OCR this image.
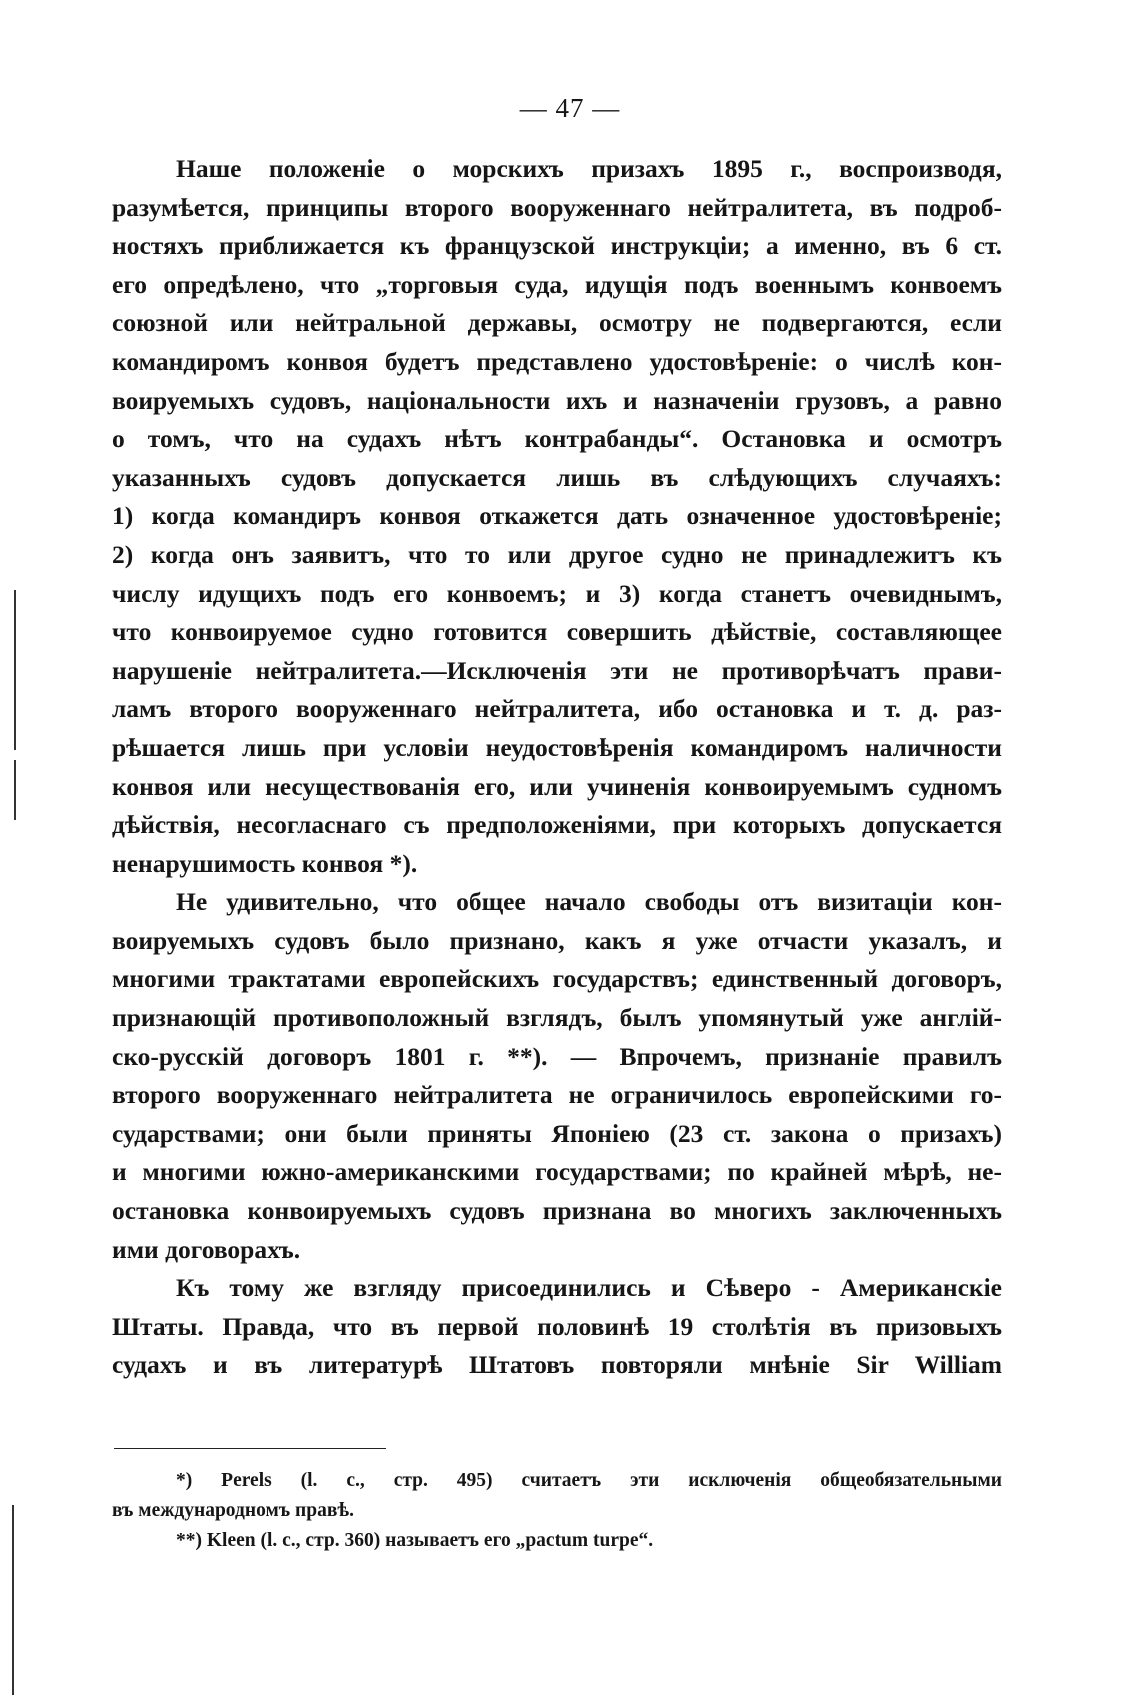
— 47 —
Наше положеніе о морскихъ призахъ 1895 г., воспроизводя,
разумѣется, принципы второго вооруженнаго нейтралитета, въ подроб-
ностяхъ приближается къ французской инструкціи; а именно, въ 6 ст.
его опредѣлено, что „торговыя суда, идущія подъ военнымъ конвоемъ
союзной или нейтральной державы, осмотру не подвергаются, если
командиромъ конвоя будетъ представлено удостовѣреніе: о числѣ кон-
воируемыхъ судовъ, національности ихъ и назначеніи грузовъ, а равно
о томъ, что на судахъ нѣтъ контрабанды“. Остановка и осмотръ
указанныхъ судовъ допускается лишь въ слѣдующихъ случаяхъ:
1) когда командиръ конвоя откажется дать означенное удостовѣреніе;
2) когда онъ заявитъ, что то или другое судно не принадлежитъ къ
числу идущихъ подъ его конвоемъ; и 3) когда станетъ очевиднымъ,
что конвоируемое судно готовится совершить дѣйствіе, составляющее
нарушеніе нейтралитета.—Исключенія эти не противорѣчатъ прави-
ламъ второго вооруженнаго нейтралитета, ибо остановка и т. д. раз-
рѣшается лишь при условіи неудостовѣренія командиромъ наличности
конвоя или несуществованія его, или учиненія конвоируемымъ судномъ
дѣйствія, несогласнаго съ предположеніями, при которыхъ допускается
ненарушимость конвоя *).
Не удивительно, что общее начало свободы отъ визитаціи кон-
воируемыхъ судовъ было признано, какъ я уже отчасти указалъ, и
многими трактатами европейскихъ государствъ; единственный договоръ,
признающій противоположный взглядъ, былъ упомянутый уже англій-
ско-русскій договоръ 1801 г. **). — Впрочемъ, признаніе правилъ
второго вооруженнаго нейтралитета не ограничилось европейскими го-
сударствами; они были приняты Японіею (23 ст. закона о призахъ)
и многими южно-американскими государствами; по крайней мѣрѣ, не-
остановка конвоируемыхъ судовъ признана во многихъ заключенныхъ
ими договорахъ.
Къ тому же взгляду присоединились и Сѣверо - Американскіе
Штаты. Правда, что въ первой половинѣ 19 столѣтія въ призовыхъ
судахъ и въ литературѣ Штатовъ повторяли мнѣніе Sir William
*) Perels (l. c., стр. 495) считаетъ эти исключенія общеобязательными
въ международномъ правѣ.
**) Kleen (l. c., стр. 360) называетъ его „pactum turpe“.
